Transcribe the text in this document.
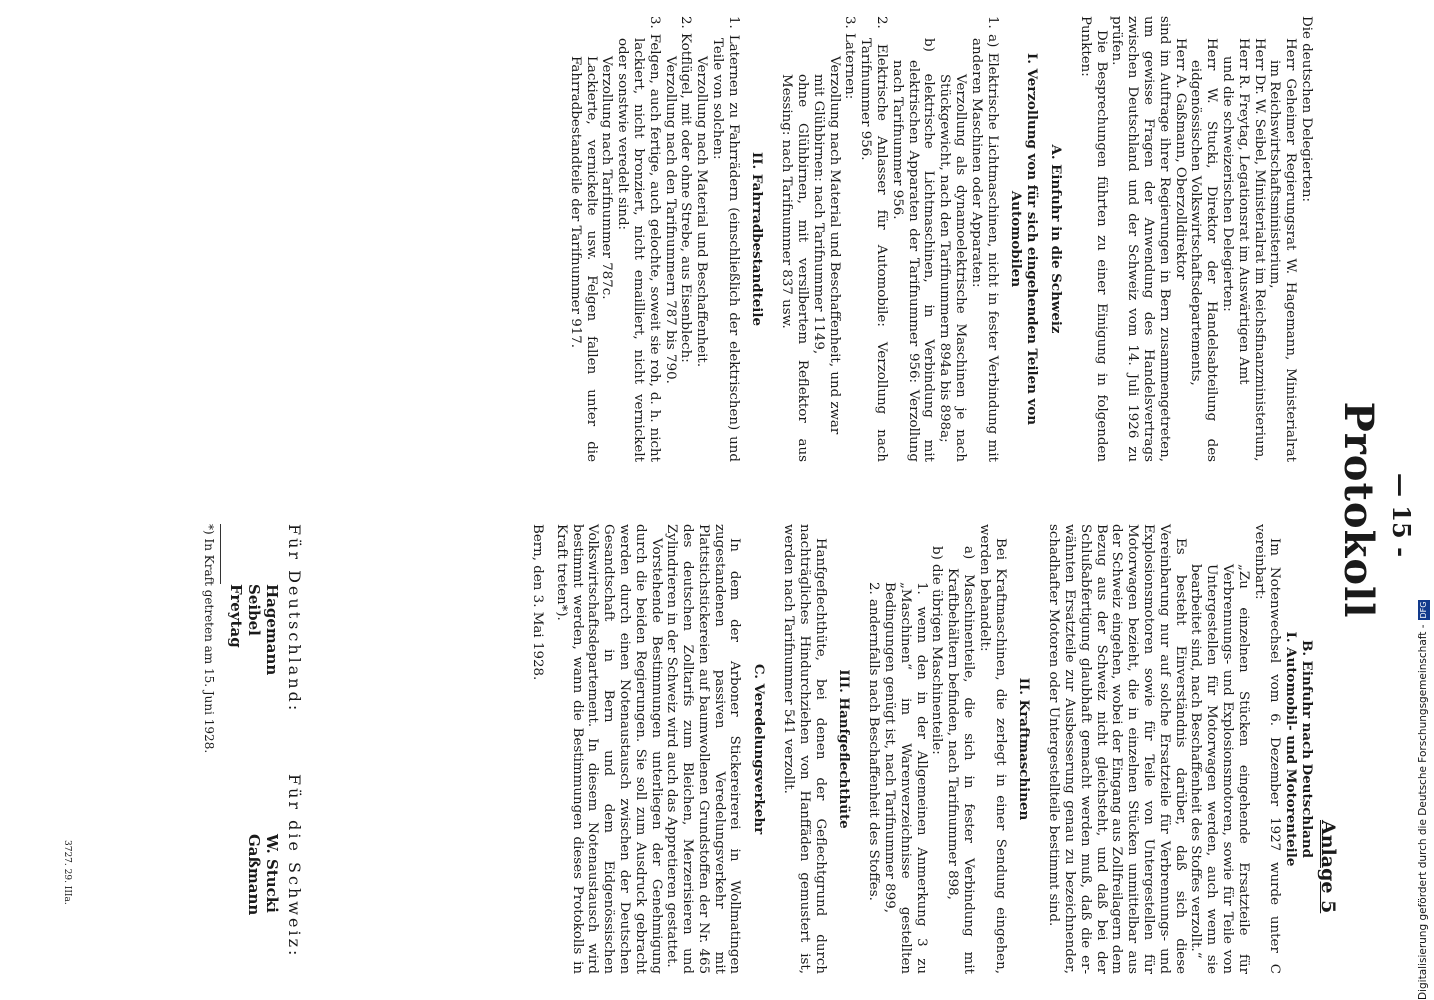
— 15 -
Anlage 5
Protokoll

Die deutschen Delegierten:

Herr Geheimer Regierungsrat W. Hagemann, Ministerialrat im Reichswirtschaftsministerium,

Herr Dr. W. Seibel, Ministerialrat im Reichsfinanzministerium,

Herr R. Freytag, Legationsrat im Auswärtigen Amt

und die schweizerischen Delegierten:

Herr W. Stucki, Direktor der Handelsabteilung des eidgenössischen Volkswirtschaftsdepartements,

Herr A. Gaßmann, Oberzolldirektor

sind im Auftrage ihrer Regierungen in Bern zusammengetreten, um gewisse Fragen der Anwendung des Handelsvertrags zwischen Deutschland und der Schweiz vom 14. Juli 1926 zu prüfen.

Die Besprechungen führten zu einer Einigung in folgenden Punkten:

A. Einfuhr in die Schweiz

I. Verzollung von für sich eingehenden Teilen von Automobilen

1. a) Elektrische Lichtmaschinen, nicht in fester Verbindung mit anderen Maschinen oder Apparaten:

Verzollung als dynamoelektrische Maschinen je nach Stückgewicht, nach den Tarifnummern 894a bis 898a;

b) elektrische Lichtmaschinen, in Verbindung mit elektrischen Apparaten der Tarifnummer 956: Verzollung nach Tarifnummer 956.

2. Elektrische Anlasser für Automobile: Verzollung nach Tarifnummer 956.

3. Laternen:

Verzollung nach Material und Beschaffenheit, und zwar

mit Glühbirnen: nach Tarifnummer 1149,

ohne Glühbirnen, mit versilbertem Reflektor aus Messing: nach Tarifnummer 837 usw.

II. Fahrradbestandteile

1. Laternen zu Fahrrädern (einschließlich der elektrischen) und Teile von solchen:

Verzollung nach Material und Beschaffenheit.

2. Kotflügel, mit oder ohne Strebe, aus Eisenblech:

Verzollung nach den Tarifnummern 787 bis 790.

3. Felgen, auch fertige, auch gelochte, soweit sie roh, d. h. nicht lackiert, nicht bronziert, nicht emailliert, nicht vernickelt oder sonstwie veredelt sind:

Verzollung nach Tarifnummer 787c.

Lackierte, vernickelte usw. Felgen fallen unter die Fahrradbestandteile der Tarifnummer 917.

B. Einfuhr nach Deutschland

I. Automobil- und Motorenteile

Im Notenwechsel vom 6. Dezember 1927 wurde unter C vereinbart:

„Zu einzelnen Stücken eingehende Ersatzteile für Verbrennungs- und Explosionsmotoren, sowie für Teile von Untergestellen für Motorwagen werden, auch wenn sie bearbeitet sind, nach Beschaffenheit des Stoffes verzollt.“

Es besteht Einverständnis darüber, daß sich diese Vereinbarung nur auf solche Ersatzteile für Verbrennungs- und Explosionsmotoren sowie für Teile von Untergestellen für Motorwagen bezieht, die in einzelnen Stücken unmittelbar aus der Schweiz eingehen, wobei der Eingang aus Zollfreilagern dem Bezug aus der Schweiz nicht gleichsteht, und daß bei der Schlußabfertigung glaubhaft gemacht werden muß, daß die erwähnten Ersatzteile zur Ausbesserung genau zu bezeichnender, schadhafter Motoren oder Untergestellteile bestimmt sind.

II. Kraftmaschinen

Bei Kraftmaschinen, die zerlegt in einer Sendung eingehen, werden behandelt:

a) Maschinenteile, die sich in fester Verbindung mit Kraftbehältern befinden, nach Tarifnummer 898,

b) die übrigen Maschinenteile:

1. wenn den in der Allgemeinen Anmerkung 3 zu „Maschinen“ im Warenverzeichnisse gestellten Bedingungen genügt ist, nach Tarifnummer 899,

2. andernfalls nach Beschaffenheit des Stoffes.

III. Hanfgeflechthüte

Hanfgeflechthüte, bei denen der Geflechtgrund durch nachträgliches Hindurchziehen von Hanffäden gemustert ist, werden nach Tarifnummer 541 verzollt.

C. Veredelungsverkehr

In dem der Arboner Stickereirerei in Wollmatingen zugestandenen passiven Veredelungsverkehr mit Plattstichstickereien auf baumwollenen Grundstoffen der Nr. 465 des deutschen Zolltarifs zum Bleichen, Merzerisieren und Zylindrieren in der Schweiz wird auch das Appretieren gestattet.

Vorstehende Bestimmungen unterliegen der Genehmigung durch die beiden Regierungen. Sie soll zum Ausdruck gebracht werden durch einen Notenaustausch zwischen der Deutschen Gesandtschaft in Bern und dem Eidgenössischen Volkswirtschaftsdepartement. In diesem Notenaustausch wird bestimmt werden, wann die Bestimmungen dieses Protokolls in Kraft treten*).

Bern, den 3. Mai 1928.

Für Deutschland:
Hagemann
Seibel
Freytag
Für die Schweiz:
W. Stucki
Gaßmann
*) In Kraft getreten am 15. Juni 1928.
3727. 29. IIIa.	Digitalisierung gefördert durch die Deutsche Forschungsgemeinschaft -DFG
